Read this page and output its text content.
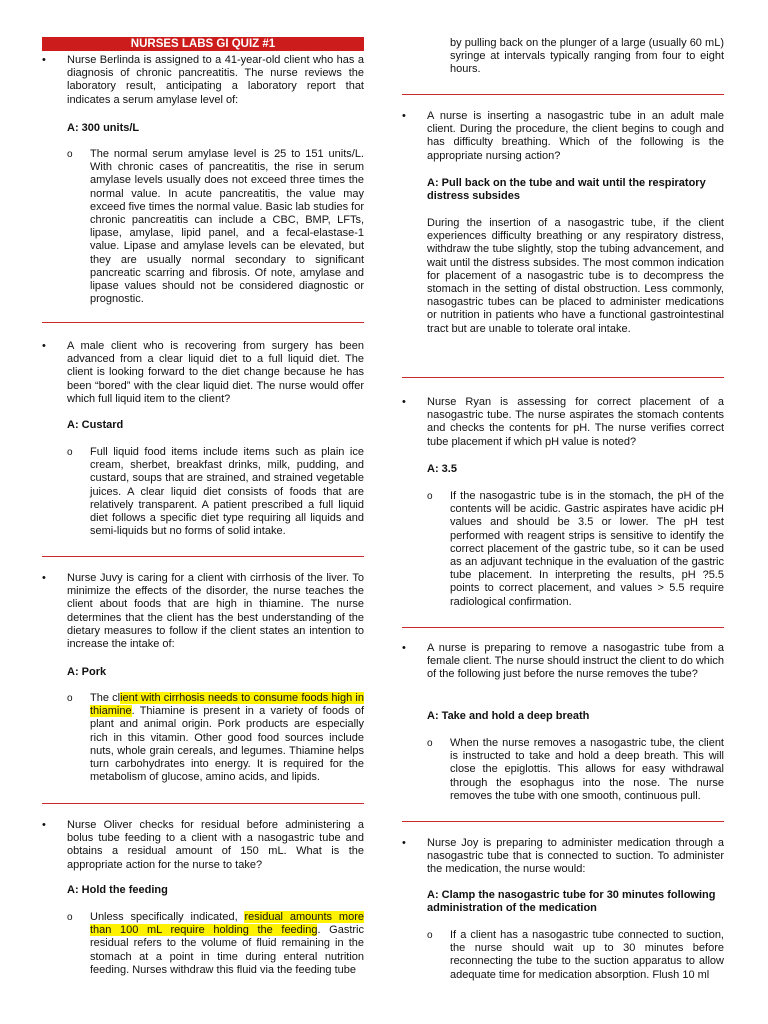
NURSES LABS GI QUIZ #1
•	Nurse Berlinda is assigned to a 41-year-old client who has a diagnosis of chronic pancreatitis. The nurse reviews the laboratory result, anticipating a laboratory report that indicates a serum amylase level of:

A: 300 units/L

o	The normal serum amylase level is 25 to 151 units/L. With chronic cases of pancreatitis, the rise in serum amylase levels usually does not exceed three times the normal value. In acute pancreatitis, the value may exceed five times the normal value. Basic lab studies for chronic pancreatitis can include a CBC, BMP, LFTs, lipase, amylase, lipid panel, and a fecal-elastase-1 value. Lipase and amylase levels can be elevated, but they are usually normal secondary to significant pancreatic scarring and fibrosis. Of note, amylase and lipase values should not be considered diagnostic or prognostic.

•	A male client who is recovering from surgery has been advanced from a clear liquid diet to a full liquid diet. The client is looking forward to the diet change because he has been “bored” with the clear liquid diet. The nurse would offer which full liquid item to the client?

A: Custard

o	Full liquid food items include items such as plain ice cream, sherbet, breakfast drinks, milk, pudding, and custard, soups that are strained, and strained vegetable juices. A clear liquid diet consists of foods that are relatively transparent. A patient prescribed a full liquid diet follows a specific diet type requiring all liquids and semi-liquids but no forms of solid intake.

•	Nurse Juvy is caring for a client with cirrhosis of the liver. To minimize the effects of the disorder, the nurse teaches the client about foods that are high in thiamine. The nurse determines that the client has the best understanding of the dietary measures to follow if the client states an intention to increase the intake of:

A: Pork

o	The client with cirrhosis needs to consume foods high in thiamine. Thiamine is present in a variety of foods of plant and animal origin. Pork products are especially rich in this vitamin. Other good food sources include nuts, whole grain cereals, and legumes. Thiamine helps turn carbohydrates into energy. It is required for the metabolism of glucose, amino acids, and lipids.

•	Nurse Oliver checks for residual before administering a bolus tube feeding to a client with a nasogastric tube and obtains a residual amount of 150 mL. What is the appropriate action for the nurse to take?

A: Hold the feeding

o	Unless specifically indicated, residual amounts more than 100 mL require holding the feeding. Gastric residual refers to the volume of fluid remaining in the stomach at a point in time during enteral nutrition feeding. Nurses withdraw this fluid via the feeding tube

by pulling back on the plunger of a large (usually 60 mL) syringe at intervals typically ranging from four to eight hours.

•	A nurse is inserting a nasogastric tube in an adult male client. During the procedure, the client begins to cough and has difficulty breathing. Which of the following is the appropriate nursing action?

A: Pull back on the tube and wait until the respiratory distress subsides

During the insertion of a nasogastric tube, if the client experiences difficulty breathing or any respiratory distress, withdraw the tube slightly, stop the tubing advancement, and wait until the distress subsides. The most common indication for placement of a nasogastric tube is to decompress the stomach in the setting of distal obstruction. Less commonly, nasogastric tubes can be placed to administer medications or nutrition in patients who have a functional gastrointestinal tract but are unable to tolerate oral intake.

•	Nurse Ryan is assessing for correct placement of a nasogastric tube. The nurse aspirates the stomach contents and checks the contents for pH. The nurse verifies correct tube placement if which pH value is noted?

A: 3.5

o	If the nasogastric tube is in the stomach, the pH of the contents will be acidic. Gastric aspirates have acidic pH values and should be 3.5 or lower. The pH test performed with reagent strips is sensitive to identify the correct placement of the gastric tube, so it can be used as an adjuvant technique in the evaluation of the gastric tube placement. In interpreting the results, pH ?5.5 points to correct placement, and values > 5.5 require radiological confirmation.

•	A nurse is preparing to remove a nasogastric tube from a female client. The nurse should instruct the client to do which of the following just before the nurse removes the tube?

A: Take and hold a deep breath

o	When the nurse removes a nasogastric tube, the client is instructed to take and hold a deep breath. This will close the epiglottis. This allows for easy withdrawal through the esophagus into the nose. The nurse removes the tube with one smooth, continuous pull.

•	Nurse Joy is preparing to administer medication through a nasogastric tube that is connected to suction. To administer the medication, the nurse would:

A: Clamp the nasogastric tube for 30 minutes following administration of the medication

o	If a client has a nasogastric tube connected to suction, the nurse should wait up to 30 minutes before reconnecting the tube to the suction apparatus to allow adequate time for medication absorption. Flush 10 ml
